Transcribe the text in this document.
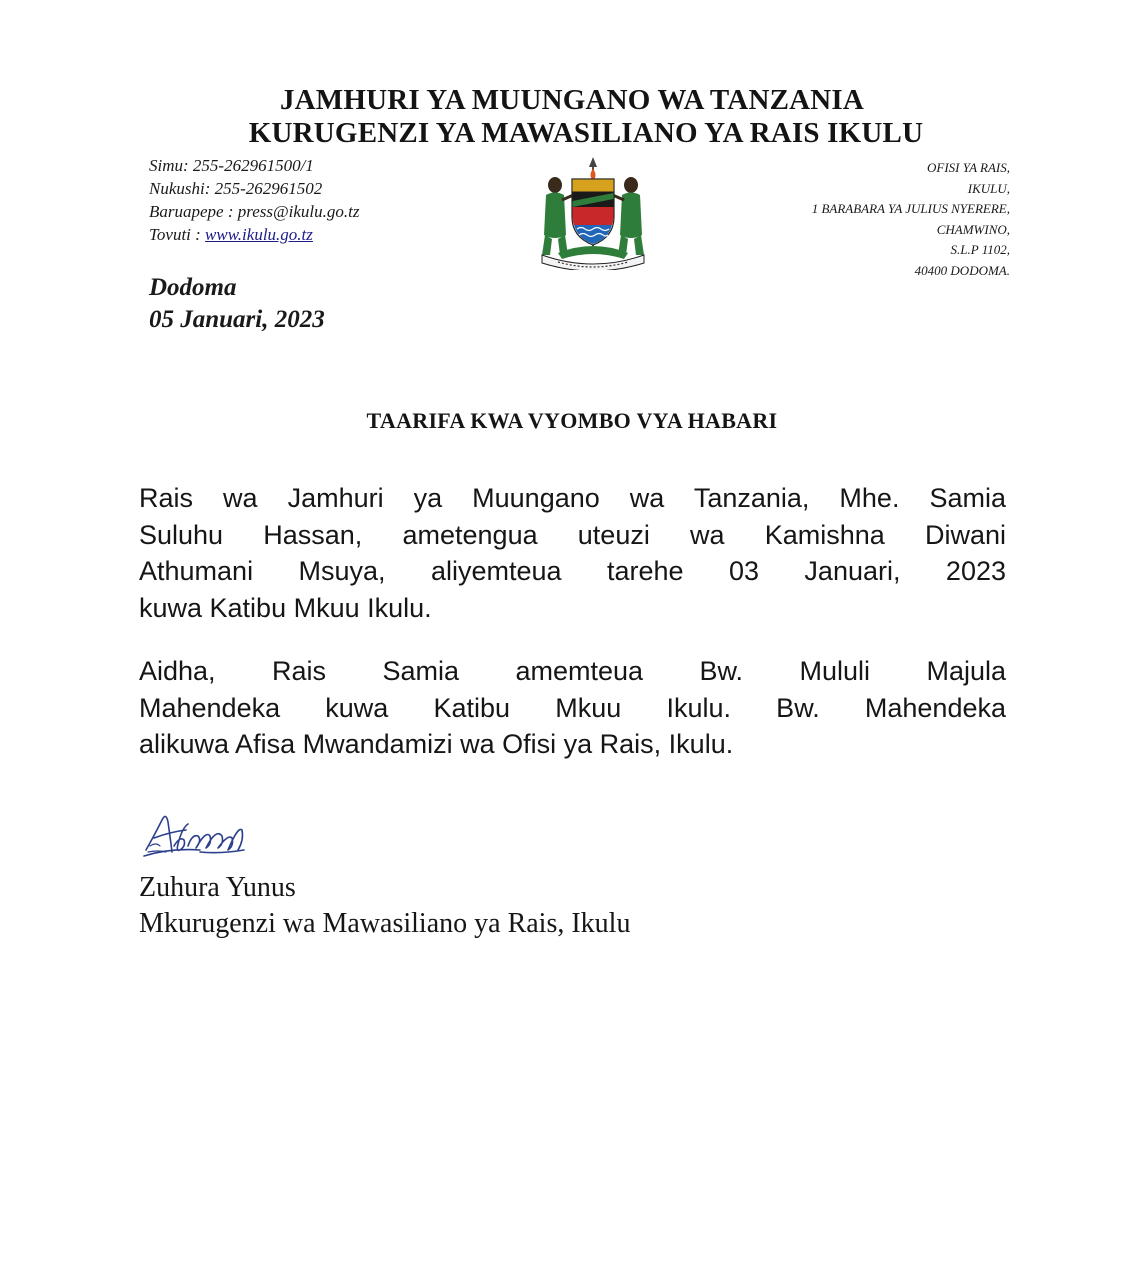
JAMHURI YA MUUNGANO WA TANZANIA
KURUGENZI YA MAWASILIANO YA RAIS IKULU
Simu: 255-262961500/1
Nukushi: 255-262961502
Baruapepe : press@ikulu.go.tz
Tovuti : www.ikulu.go.tz
OFISI YA RAIS,
IKULU,
1 BARABARA YA JULIUS NYERERE,
CHAMWINO,
S.L.P 1102,
40400 DODOMA.
Dodoma
05 Januari, 2023
TAARIFA KWA VYOMBO VYA HABARI
Rais wa Jamhuri ya Muungano wa Tanzania, Mhe. Samia
Suluhu Hassan, ametengua uteuzi wa Kamishna Diwani
Athumani Msuya, aliyemteua tarehe 03 Januari, 2023
kuwa Katibu Mkuu Ikulu.
Aidha, Rais Samia amemteua Bw. Mululi Majula
Mahendeka kuwa Katibu Mkuu Ikulu. Bw. Mahendeka
alikuwa Afisa Mwandamizi wa Ofisi ya Rais, Ikulu.
Zuhura Yunus
Mkurugenzi wa Mawasiliano ya Rais, Ikulu
